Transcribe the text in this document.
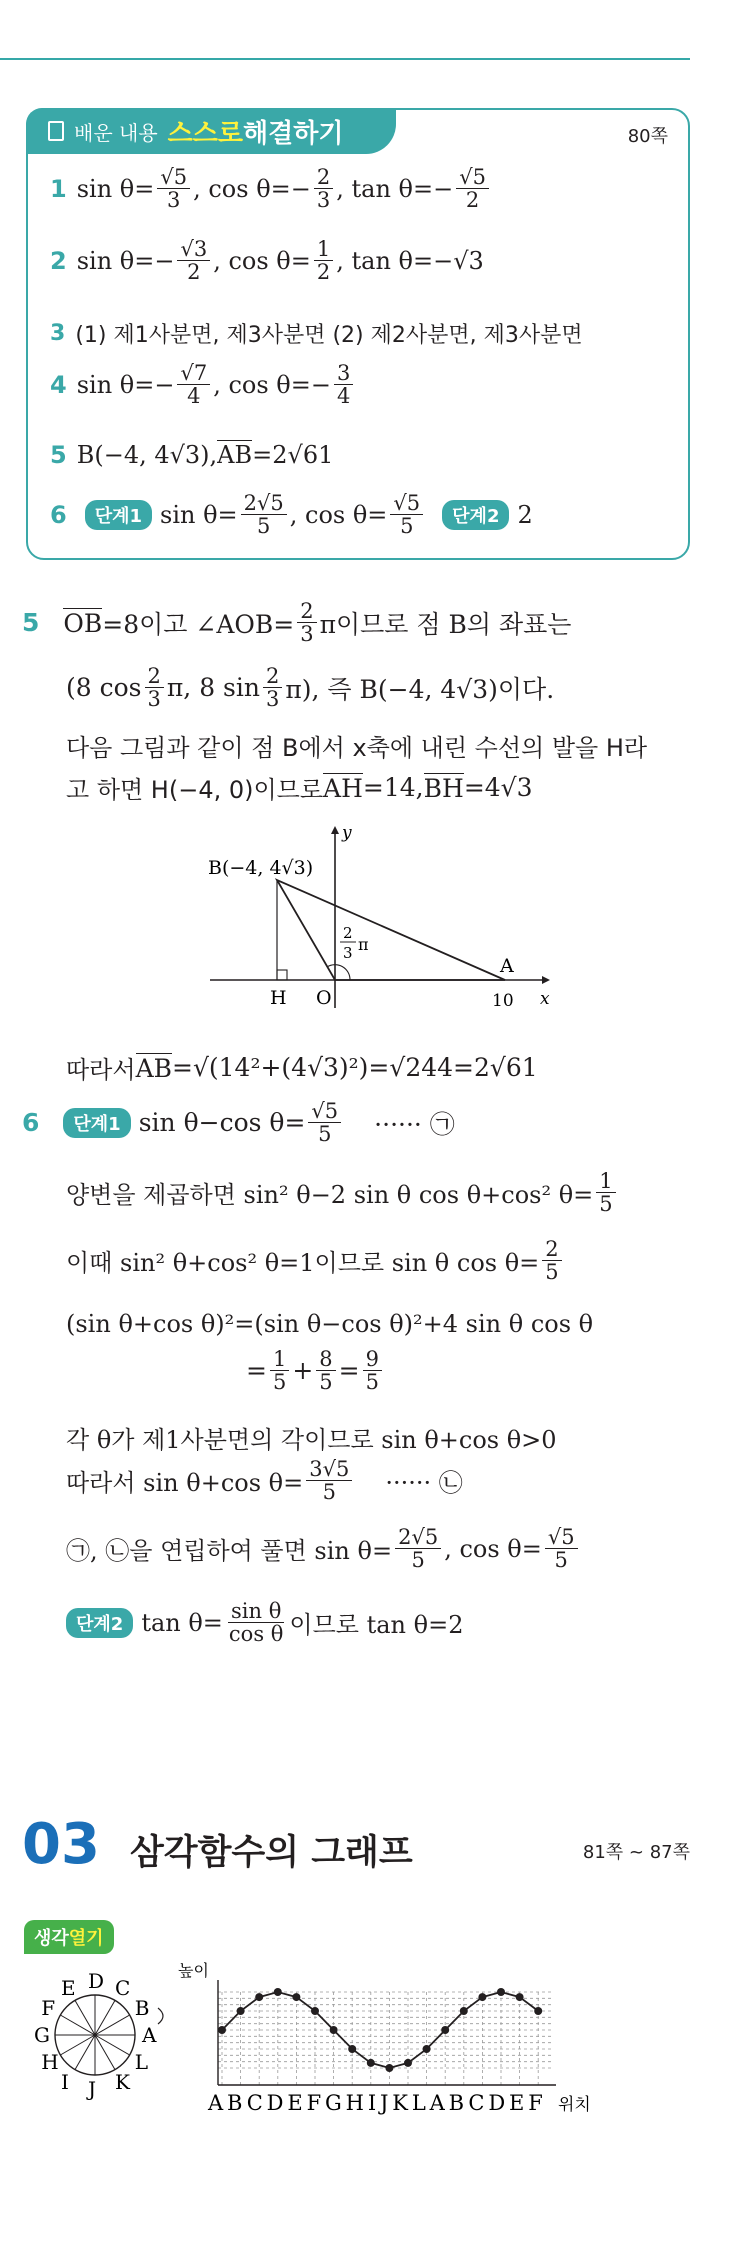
배운 내용 스스로 해결하기	80쪽
1 $\sin \theta= \frac{√5}{3}$ , $\cos \theta=- \frac{2}{3}$ , $\tan \theta=- \frac{√5}{2}$
2 $\sin \theta=- \frac{√3}{2}$ , $\cos \theta= \frac{1}{2}$ , tan θ=−√3
3 (1) 제1사분면, 제3사분면 (2) 제2사분면, 제3사분면
4 $\sin \theta=- \frac{√7}{4}$ , $\cos \theta=- \frac{3}{4}$
5 B(−4, 4√3), AB =2√61
6	단계1 $\sin \theta= \frac{2√5}{5}$ , $\cos \theta= \frac{√5}{5}$	단계2 2
5 OB =8이고 ∠AOB= $\frac{2}{3}$ π이므로 점 B의 좌표는
(8 $\cos \frac{2}{3} \pi$, 8 $\sin \frac{2}{3} \pi$), 즉 B(−4, 4√3)이다.
다음 그림과 같이 점 B에서 x축에 내린 수선의 발을 H라
고 하면 H(−4, 0)이므로 AH =14, BH =4√3
y
x
B(−4, 4√3)
H O
A
10
2
3 π
따라서 AB =√(14²+(4√3)²)=√244=2√61
6	단계1 sin θ−cos $\theta= \frac{√5}{5}$ ······ ㉠
양변을 제곱하면 sin² θ−2 sin θ cos θ+cos² $\theta= \frac{1}{5}$
이때 sin² θ+cos² θ=1이므로 sin θ $\cos \theta= \frac{2}{5}$
(sin θ+cos θ)²=(sin θ−cos θ)²+4 sin θ cos θ
= $\frac{1}{5} + \frac{8}{5} = \frac{9}{5}$
각 θ가 제1사분면의 각이므로 sin θ+cos θ>0
따라서 sin θ+cos $\theta= \frac{3√5}{5}$ ······ ㉡
㉠, ㉡을 연립하여 풀면 $\sin \theta= \frac{2√5}{5}$ , $\cos \theta= \frac{√5}{5}$
단계2 $\tan \theta= \frac{\text{sin θ}}{\text{cos θ}}$ 이므로 tan θ=2
03 삼각함수의 그래프	81쪽 ~ 87쪽
생각열기
A
B
C
D
E
F
G
H
I J K
L
높이
ABCDEFGHIJKLABCDEF 위치
